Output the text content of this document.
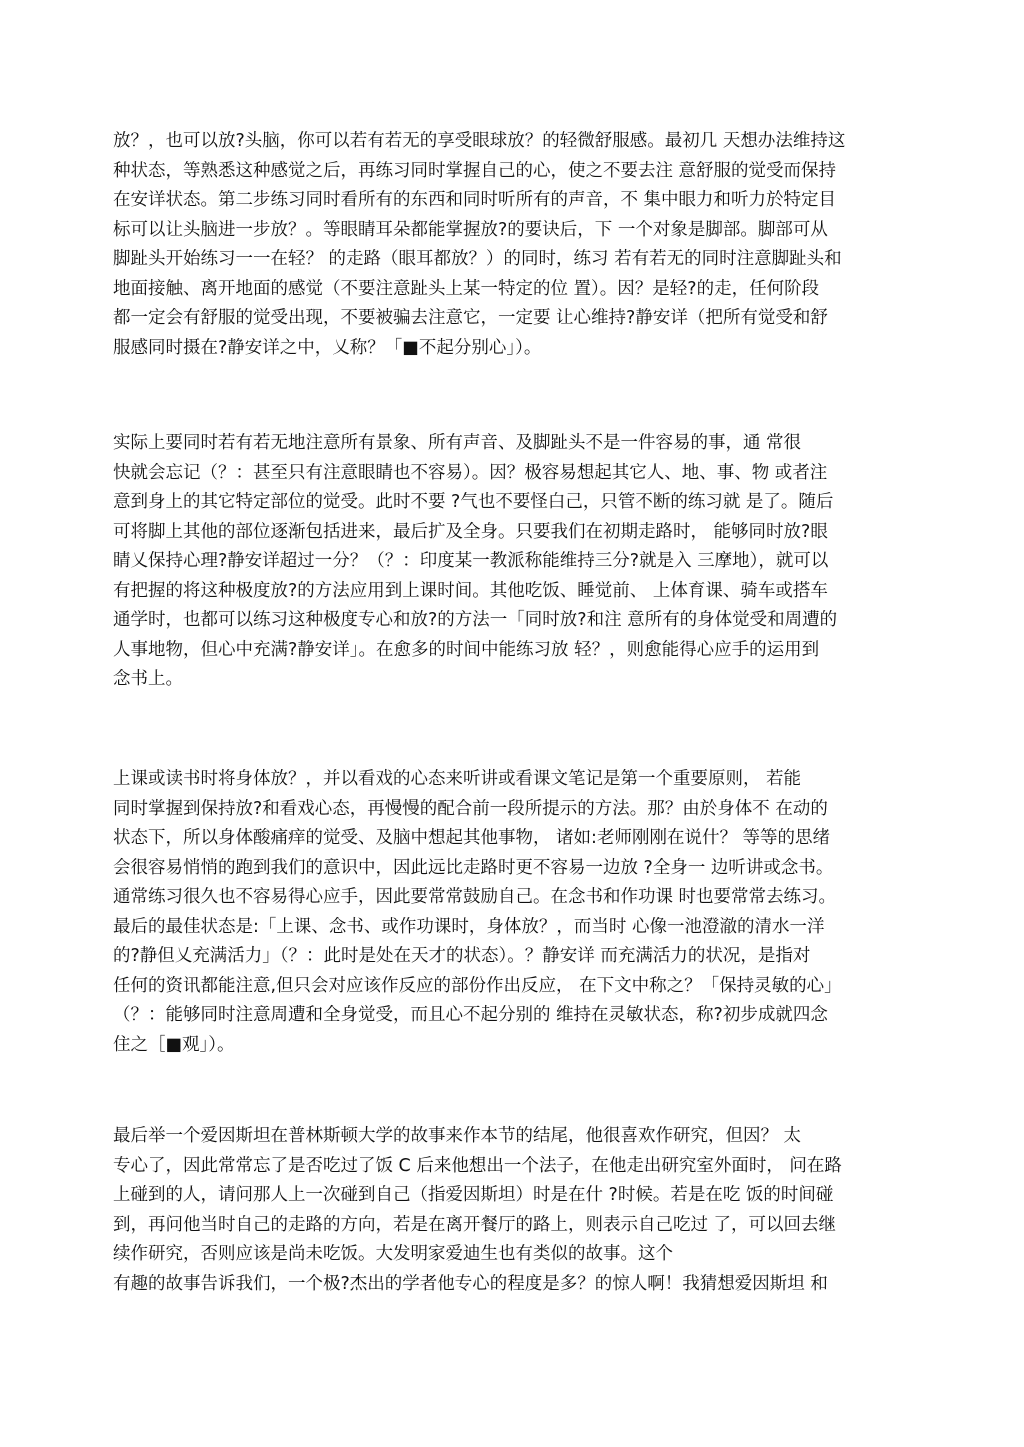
放？，也可以放?头脑，你可以若有若无的享受眼球放？的轻微舒服感。最初几 天想办法维持这
种状态，等熟悉这种感觉之后，再练习同时掌握自己的心，使之不要去注 意舒服的觉受而保持
在安详状态。第二步练习同时看所有的东西和同时听所有的声音，不 集中眼力和听力於特定目
标可以让头脑进一步放？。等眼睛耳朵都能掌握放?的要诀后，下 一个对象是脚部。脚部可从
脚趾头开始练习一一在轻？ 的走路（眼耳都放？）的同时，练习 若有若无的同时注意脚趾头和
地面接触、离开地面的感觉（不要注意趾头上某一特定的位 置）。因？是轻?的走，任何阶段
都一定会有舒服的觉受出现，不要被骗去注意它，一定要 让心维持?静安详（把所有觉受和舒
服感同时摄在?静安详之中，乂称？「■不起分别心」）。
实际上要同时若有若无地注意所有景象、所有声音、及脚趾头不是一件容易的事，通 常很
快就会忘记（？：甚至只有注意眼睛也不容易）。因？极容易想起其它人、地、事、物 或者注
意到身上的其它特定部位的觉受。此时不要 ?气也不要怪白己，只管不断的练习就 是了。随后
可将脚上其他的部位逐渐包括进来，最后扩及全身。只要我们在初期走路时， 能够同时放?眼
睛乂保持心理?静安详超过一分？（？：印度某一教派称能维持三分?就是入 三摩地），就可以
有把握的将这种极度放?的方法应用到上课时间。其他吃饭、睡觉前、 上体育课、骑车或搭车
通学时，也都可以练习这种极度专心和放?的方法一「同时放?和注 意所有的身体觉受和周遭的
人事地物，但心中充满?静安详」。在愈多的时间中能练习放 轻？，则愈能得心应手的运用到
念书上。
上课或读书时将身体放？，并以看戏的心态来听讲或看课文笔记是第一个重要原则， 若能
同时掌握到保持放?和看戏心态，再慢慢的配合前一段所提示的方法。那？由於身体不 在动的
状态下，所以身体酸痛痒的觉受、及脑中想起其他事物， 诸如:老师刚刚在说什？ 等等的思绪
会很容易悄悄的跑到我们的意识中，因此远比走路时更不容易一边放 ?全身一 边听讲或念书。
通常练习很久也不容易得心应手，因此要常常鼓励自己。在念书和作功课 时也要常常去练习。
最后的最佳状态是:「上课、念书、或作功课时，身体放？，而当时 心像一池澄澈的清水一洋
的?静但乂充满活力」（？：此时是处在天才的状态）。？静安详 而充满活力的状况，是指对
任何的资讯都能注意,但只会对应该作反应的部份作出反应， 在下文中称之？「保持灵敏的心」
（？：能够同时注意周遭和全身觉受，而且心不起分别的 维持在灵敏状态，称?初步成就四念
住之［■观」）。
最后举一个爱因斯坦在普林斯顿大学的故事来作本节的结尾，他很喜欢作研究，但因？ 太
专心了，因此常常忘了是否吃过了饭 C 后来他想出一个法子，在他走出研究室外面时， 问在路
上碰到的人，请问那人上一次碰到自己（指爱因斯坦）时是在什 ?时候。若是在吃 饭的时间碰
到，再问他当时自己的走路的方向，若是在离开餐厅的路上，则表示自己吃过 了，可以回去继
续作研究，否则应该是尚未吃饭。大发明家爱迪生也有类似的故事。这个
有趣的故事告诉我们，一个极?杰出的学者他专心的程度是多？的惊人啊！我猜想爱因斯坦 和
